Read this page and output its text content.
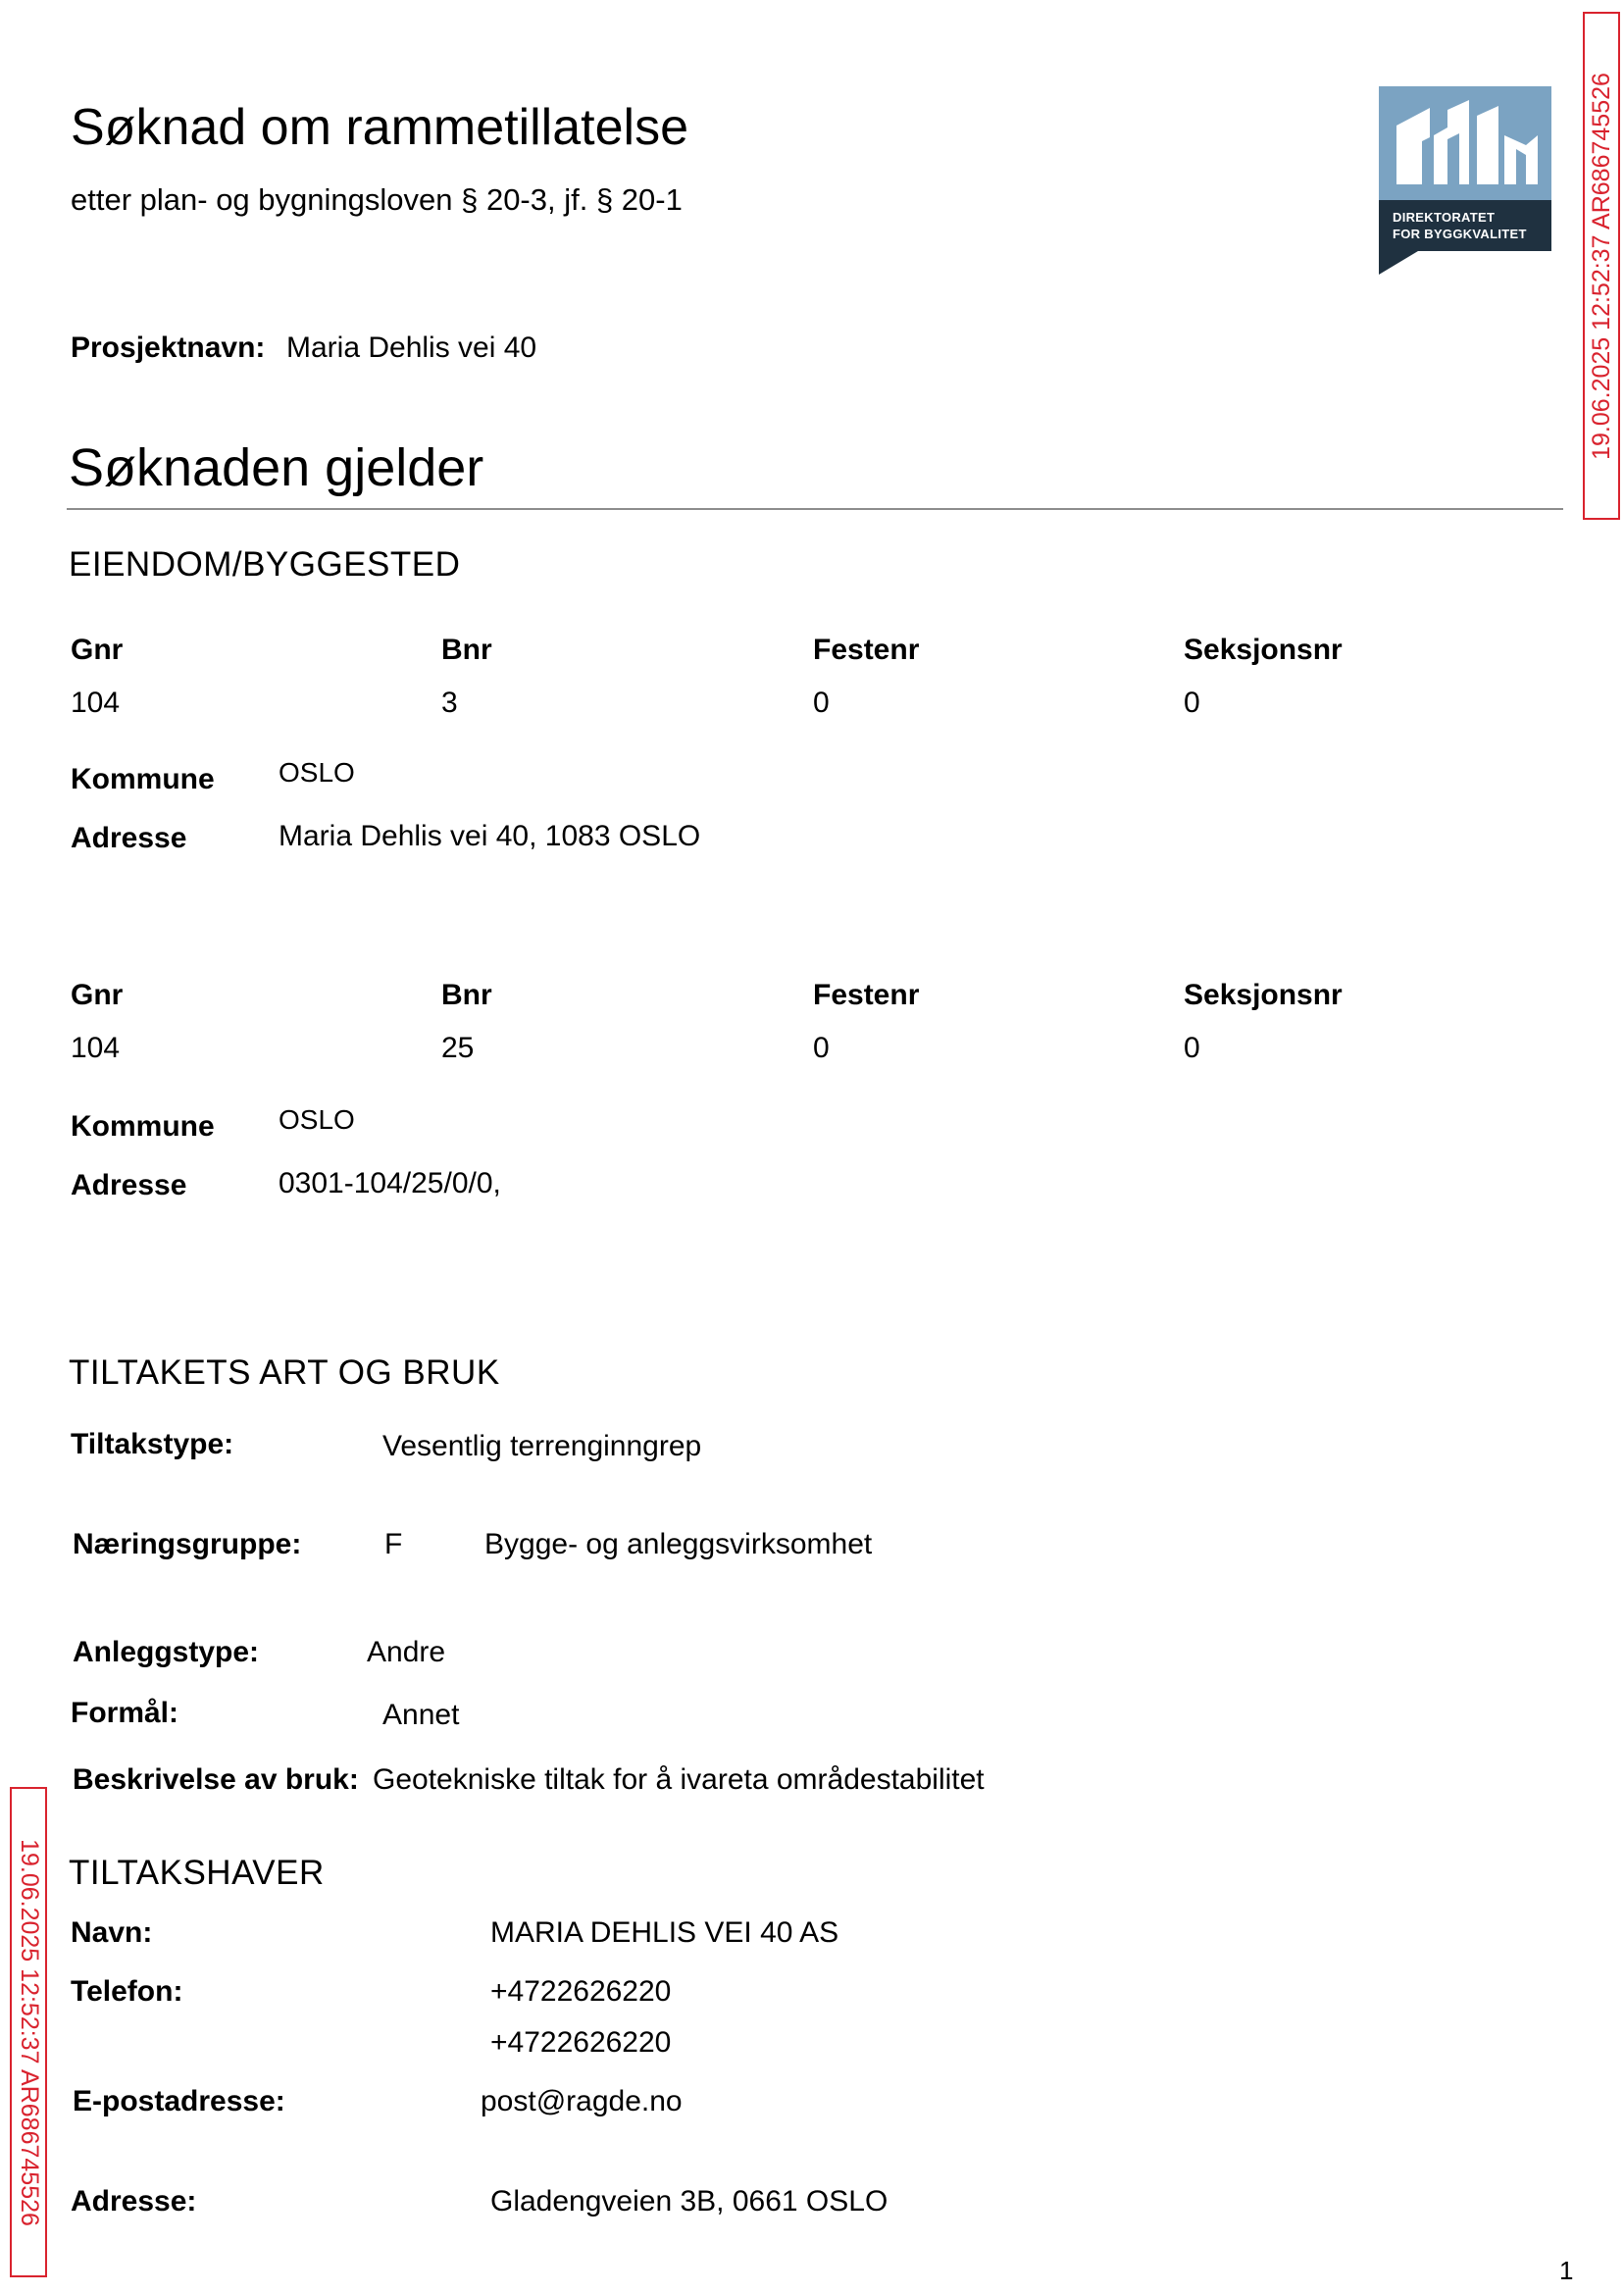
Søknad om rammetillatelse
etter plan- og bygningsloven § 20-3, jf. § 20-1
DIREKTORATET
FOR BYGGKVALITET 19.06.2025 12:52:37 AR686745526
19.06.2025 12:52:37 AR686745526
Prosjektnavn: Maria Dehlis vei 40
Søknaden gjelder
EIENDOM/BYGGESTED
Gnr	Bnr	Festenr	Seksjonsnr
104	3	0	0
Kommune OSLO
Adresse	Maria Dehlis vei 40, 1083 OSLO
Gnr	Bnr	Festenr	Seksjonsnr
104	25	0	0
Kommune OSLO
Adresse	0301-104/25/0/0,
TILTAKETS ART OG BRUK
Tiltakstype:	Vesentlig terrenginngrep
Næringsgruppe:	F	Bygge- og anleggsvirksomhet
Anleggstype:	Andre
Formål:	Annet
Beskrivelse av bruk: Geotekniske tiltak for å ivareta områdestabilitet
TILTAKSHAVER
Navn:	MARIA DEHLIS VEI 40 AS
Telefon:	+4722626220
+4722626220
E-postadresse:	post@ragde.no
Adresse:	Gladengveien 3B, 0661 OSLO
1
